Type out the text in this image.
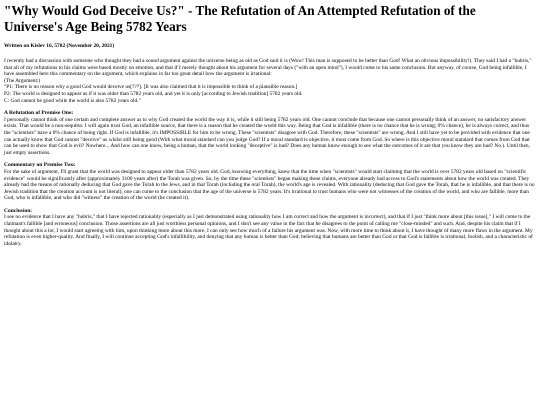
"Why Would God Deceive Us?" - The Refutation of An Attempted Refutation of the Universe's Age Being 5782 Years
Written on Kislev 16, 5782 (November 20, 2021)
I recently had a discussion with someone who thought they had a sound argument against the universe being as old as God said it is (Wow! This man is supposed to be better than God! What an obvious impossibility!). They said I had a "hubris," that all of my refutations to his claims were based mostly on emotion, and that if I merely thought about his argument for several days ("with an open mind"), I would come to his same conclusion. But anyway, of course, God being infallible, I have assembled here this commentary on the argument, which explains in far too great detail how the argument is irrational:
(The Argument:)
"P1: There is no reason why a good God would deceive us[???]. [It was also claimed that it is impossible to think of a plausible reason.]
P2: The world is designed to appear as if it was older than 5782 years old, and yet it is only [according to Jewish tradition] 5782 years old.
C: God cannot be good while the world is also 5782 years old."
A Refutation of Premise One:
I personally cannot think of one certain and complete answer as to why God created the world the way it is, while it still being 5782 years old. One cannot conclude that because one cannot personally think of an answer, no satisfactory answer exists. That would be a non-sequitur. I will again trust God, an infallible source, that there is a reason that he created the world this way. Being that God is infallible (there is no chance that he is wrong; 0% chance), he is always correct, and thus the "scientists" have a 0% chance of being right. If God is infallible, it's IMPOSSIBLE for him to be wrong. These "scientists" disagree with God. Therefore, these "scientists" are wrong. And I still have yet to be provided with evidence that one can actually know that God cannot "deceive" us whilst still being good (With what moral standard can you judge God? If a moral standard is objective, it must come from God. So where is this objective moral standard that comes from God that can be used to show that God is evil? Nowhere... And how can one know, being a human, that the world looking "deceptive" is bad? Does any human know enough to see what the outcomes of it are that you know they are bad? No.). Until then, just empty assertions.
Commentary on Premise Two:
For the sake of argument, I'll grant that the world was designed to appear older than 5782 years old. God, knowing everything, knew that the time when "scientists" would start claiming that the world is over 5782 years old based on "scientific evidence" would be significantly after (approximately 3100 years after) the Torah was given. So, by the time these "scientists" began making these claims, everyone already had access to God's statements about how the world was created. They already had the means of rationally deducing that God gave the Torah to the Jews, and in that Torah (including the oral Torah), the world's age is revealed. With rationality (deducing that God gave the Torah, that he is infallible, and that there is no Jewish tradition that the creation account is not literal), one can come to the conclusion that the age of the universe is 5782 years. It's irrational to trust humans who were not witnesses of the creation of the world, and who are fallible, more than God, who is infallible, and who did "witness" the creation of the world (he created it).
Conclusion:
I see no evidence that I have any "hubris," that I have rejected rationality (especially as I just demonstrated using rationality how I am correct and how the argument is incorrect), and that if I just "think more about [this issue]," I will come to the claimant's fallible [and erroneous] conclusion. Those assertions are all just worthless personal opinions, and I don't see any value in the fact that he disagrees to the point of calling me "close-minded" and such. And, despite his claim that if I thought about this a lot, I would start agreeing with him, upon thinking more about this more, I can only see how much of a failure his argument was. Now, with more time to think about it, I have thought of many more flaws in the argument. My refutation is even higher-quality. And finally, I will continue accepting God's infallibility, and denying that any human is better than God; believing that humans are better than God or that God is fallible is irrational, foolish, and a characteristic of idolatry.
